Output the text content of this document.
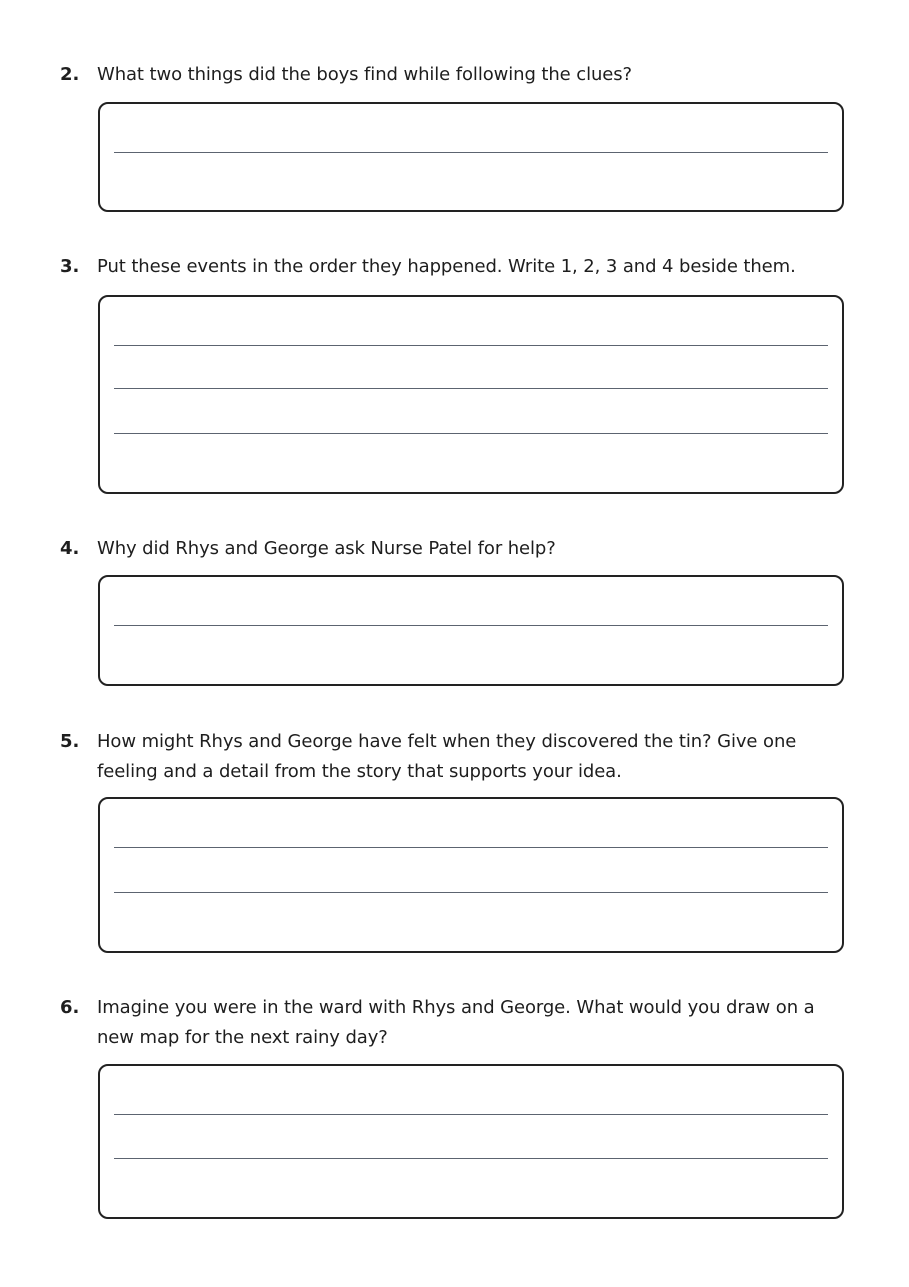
2. What two things did the boys find while following the clues?
3. Put these events in the order they happened. Write 1, 2, 3 and 4 beside them.
4. Why did Rhys and George ask Nurse Patel for help?
5. How might Rhys and George have felt when they discovered the tin? Give one feeling and a detail from the story that supports your idea.
6. Imagine you were in the ward with Rhys and George. What would you draw on a new map for the next rainy day?
